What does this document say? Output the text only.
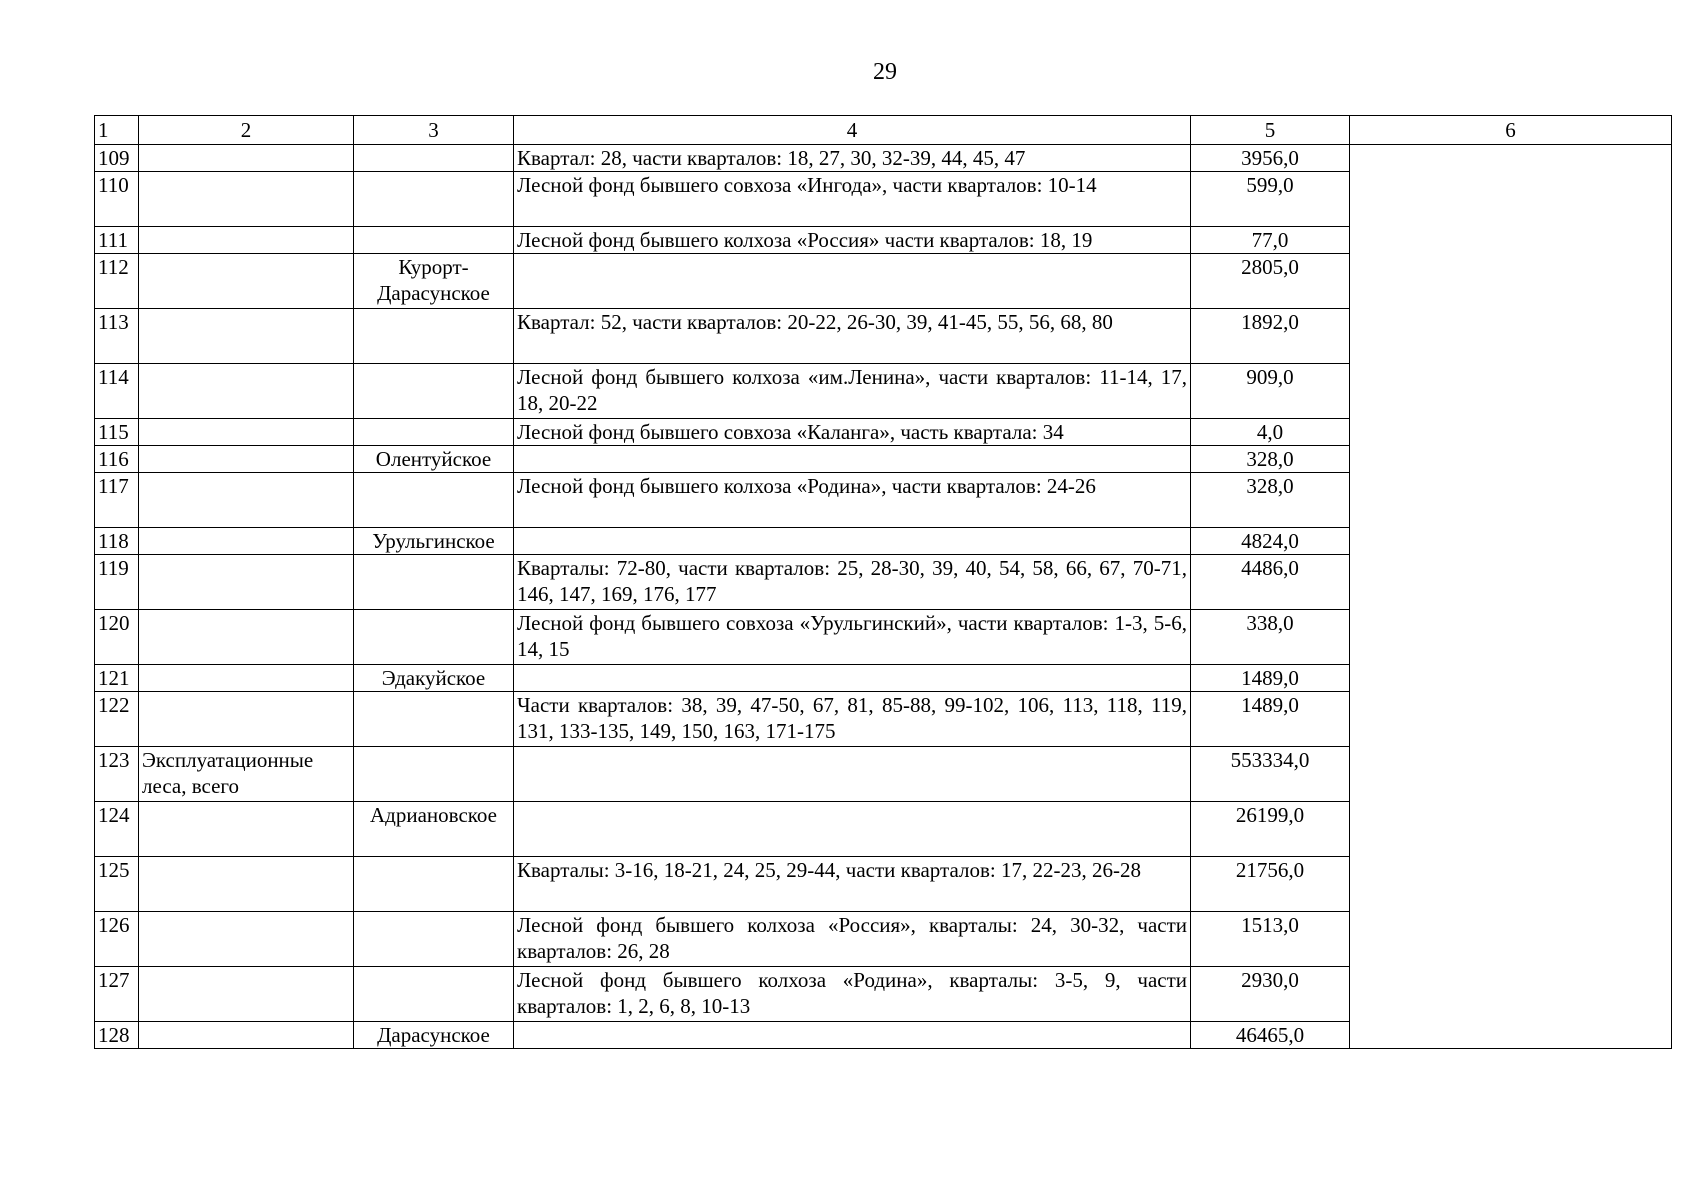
29
1	2	3	4	5	6
109			Квартал: 28, части кварталов: 18, 27, 30, 32-39, 44, 45, 47	3956,0	
110			Лесной фонд бывшего совхоза «Ингода», части кварталов: 10-14	599,0	
111			Лесной фонд бывшего колхоза «Россия» части кварталов: 18, 19	77,0	
112		Курорт-Дарасунское		2805,0	
113			Квартал: 52, части кварталов: 20-22, 26-30, 39, 41-45, 55, 56, 68, 80	1892,0	
114			Лесной фонд бывшего колхоза «им.Ленина», части кварталов: 11-14, 17, 18, 20-22	909,0	
115			Лесной фонд бывшего совхоза «Каланга», часть квартала: 34	4,0	
116		Олентуйское		328,0	
117			Лесной фонд бывшего колхоза «Родина», части кварталов: 24-26	328,0	
118		Урульгинское		4824,0	
119			Кварталы: 72-80, части кварталов: 25, 28-30, 39, 40, 54, 58, 66, 67, 70-71, 146, 147, 169, 176, 177	4486,0	
120			Лесной фонд бывшего совхоза «Урульгинский», части кварталов: 1-3, 5-6, 14, 15	338,0	
121		Эдакуйское		1489,0	
122			Части кварталов: 38, 39, 47-50, 67, 81, 85-88, 99-102, 106, 113, 118, 119, 131, 133-135, 149, 150, 163, 171-175	1489,0	
123	Эксплуатационные леса, всего			553334,0	
124		Адриановское		26199,0	
125			Кварталы: 3-16, 18-21, 24, 25, 29-44, части кварталов: 17, 22-23, 26-28	21756,0	
126			Лесной фонд бывшего колхоза «Россия», кварталы: 24, 30-32, части кварталов: 26, 28	1513,0	
127			Лесной фонд бывшего колхоза «Родина», кварталы: 3-5, 9, части кварталов: 1, 2, 6, 8, 10-13	2930,0	
128		Дарасунское		46465,0	
